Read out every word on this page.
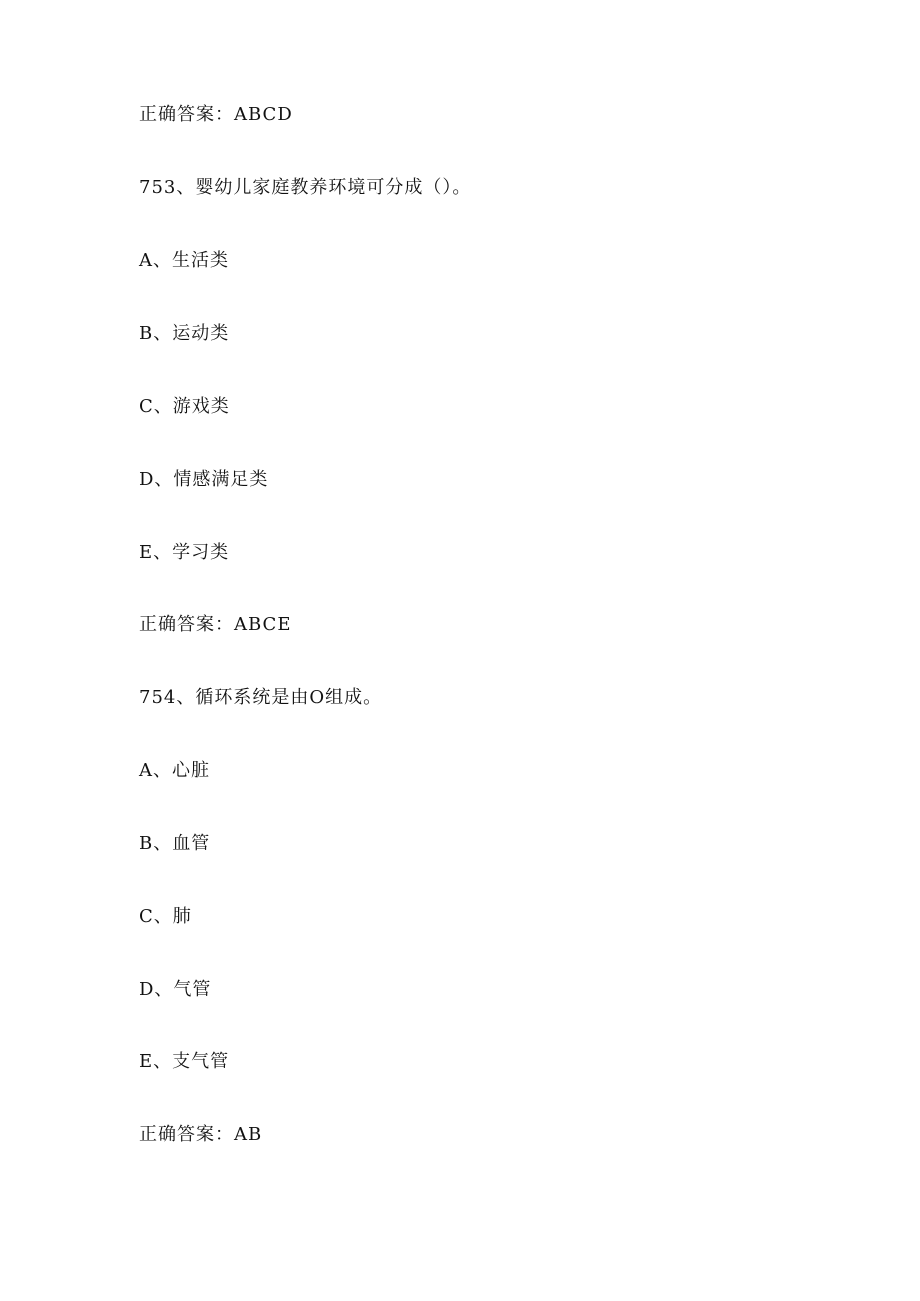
正确答案：ABCD
753、婴幼儿家庭教养环境可分成（）。
A、生活类
B、运动类
C、游戏类
D、情感满足类
E、学习类
正确答案：ABCE
754、循环系统是由O组成。
A、心脏
B、血管
C、肺
D、气管
E、支气管
正确答案：AB
